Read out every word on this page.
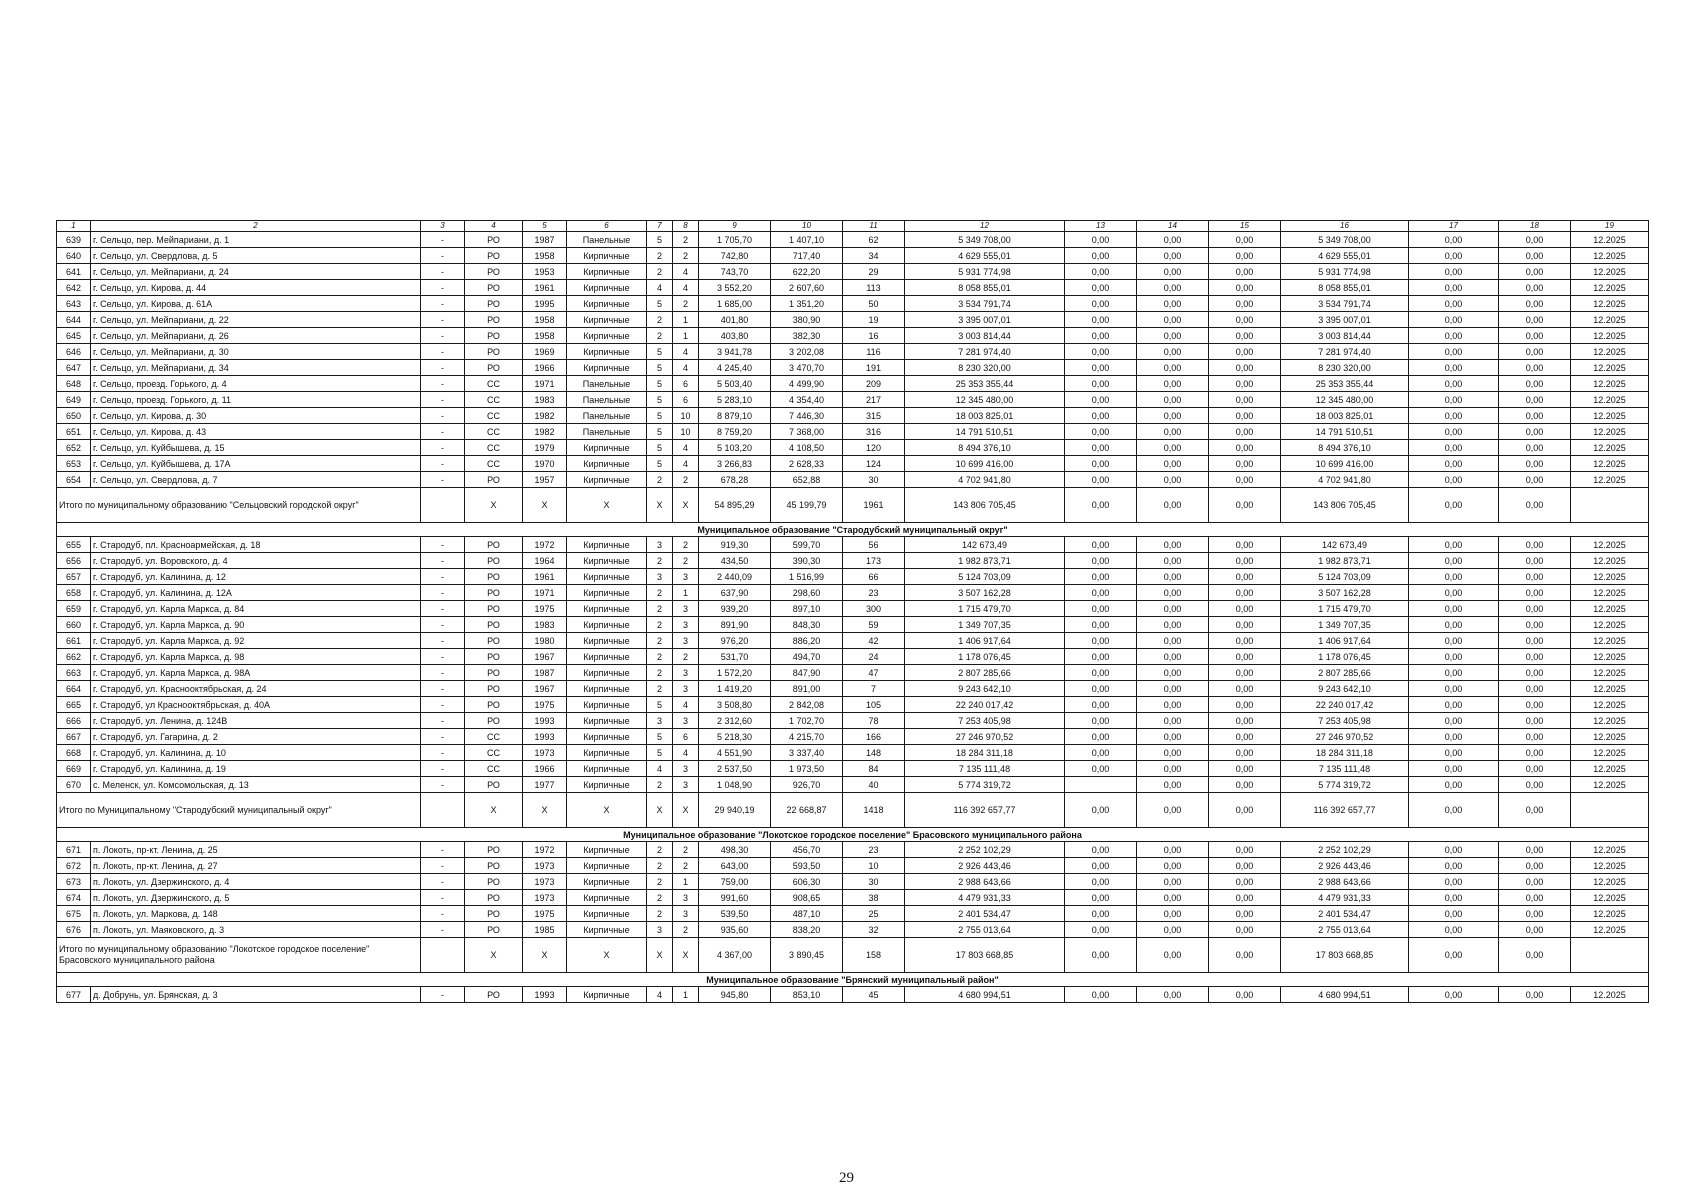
1	2	3	4	5	6	7	8	9	10	11	12	13	14	15	16	17	18	19
639	г. Сельцо, пер. Мейпариани, д. 1	-	РО	1987	Панельные	5	2	1 705,70	1 407,10	62	5 349 708,00	0,00	0,00	0,00	5 349 708,00	0,00	0,00	12.2025
640	г. Сельцо, ул. Свердлова, д. 5	-	РО	1958	Кирпичные	2	2	742,80	717,40	34	4 629 555,01	0,00	0,00	0,00	4 629 555,01	0,00	0,00	12.2025
641	г. Сельцо, ул. Мейпариани, д. 24	-	РО	1953	Кирпичные	2	4	743,70	622,20	29	5 931 774,98	0,00	0,00	0,00	5 931 774,98	0,00	0,00	12.2025
642	г. Сельцо, ул. Кирова, д. 44	-	РО	1961	Кирпичные	4	4	3 552,20	2 607,60	113	8 058 855,01	0,00	0,00	0,00	8 058 855,01	0,00	0,00	12.2025
643	г. Сельцо, ул. Кирова, д. 61А	-	РО	1995	Кирпичные	5	2	1 685,00	1 351,20	50	3 534 791,74	0,00	0,00	0,00	3 534 791,74	0,00	0,00	12.2025
644	г. Сельцо, ул. Мейпариани, д. 22	-	РО	1958	Кирпичные	2	1	401,80	380,90	19	3 395 007,01	0,00	0,00	0,00	3 395 007,01	0,00	0,00	12.2025
645	г. Сельцо, ул. Мейпариани, д. 26	-	РО	1958	Кирпичные	2	1	403,80	382,30	16	3 003 814,44	0,00	0,00	0,00	3 003 814,44	0,00	0,00	12.2025
646	г. Сельцо, ул. Мейпариани, д. 30	-	РО	1969	Кирпичные	5	4	3 941,78	3 202,08	116	7 281 974,40	0,00	0,00	0,00	7 281 974,40	0,00	0,00	12.2025
647	г. Сельцо, ул. Мейпариани, д. 34	-	РО	1966	Кирпичные	5	4	4 245,40	3 470,70	191	8 230 320,00	0,00	0,00	0,00	8 230 320,00	0,00	0,00	12.2025
648	г. Сельцо, проезд. Горького, д. 4	-	СС	1971	Панельные	5	6	5 503,40	4 499,90	209	25 353 355,44	0,00	0,00	0,00	25 353 355,44	0,00	0,00	12.2025
649	г. Сельцо, проезд. Горького, д. 11	-	СС	1983	Панельные	5	6	5 283,10	4 354,40	217	12 345 480,00	0,00	0,00	0,00	12 345 480,00	0,00	0,00	12.2025
650	г. Сельцо, ул. Кирова, д. 30	-	СС	1982	Панельные	5	10	8 879,10	7 446,30	315	18 003 825,01	0,00	0,00	0,00	18 003 825,01	0,00	0,00	12.2025
651	г. Сельцо, ул. Кирова, д. 43	-	СС	1982	Панельные	5	10	8 759,20	7 368,00	316	14 791 510,51	0,00	0,00	0,00	14 791 510,51	0,00	0,00	12.2025
652	г. Сельцо, ул. Куйбышева, д. 15	-	СС	1979	Кирпичные	5	4	5 103,20	4 108,50	120	8 494 376,10	0,00	0,00	0,00	8 494 376,10	0,00	0,00	12.2025
653	г. Сельцо, ул. Куйбышева, д. 17А	-	СС	1970	Кирпичные	5	4	3 266,83	2 628,33	124	10 699 416,00	0,00	0,00	0,00	10 699 416,00	0,00	0,00	12.2025
654	г. Сельцо, ул. Свердлова, д. 7	-	РО	1957	Кирпичные	2	2	678,28	652,88	30	4 702 941,80	0,00	0,00	0,00	4 702 941,80	0,00	0,00	12.2025
Итого по муниципальному образованию "Сельцовский городской округ"			X	X	X	X	X	54 895,29	45 199,79	1961	143 806 705,45	0,00	0,00	0,00	143 806 705,45	0,00	0,00	
Муниципальное образование "Стародубский муниципальный округ"																		
655	г. Стародуб, пл. Красноармейская, д. 18	-	РО	1972	Кирпичные	3	2	919,30	599,70	56	142 673,49	0,00	0,00	0,00	142 673,49	0,00	0,00	12.2025
656	г. Стародуб, ул. Воровского, д. 4	-	РО	1964	Кирпичные	2	2	434,50	390,30	173	1 982 873,71	0,00	0,00	0,00	1 982 873,71	0,00	0,00	12.2025
657	г. Стародуб, ул. Калинина, д. 12	-	РО	1961	Кирпичные	3	3	2 440,09	1 516,99	66	5 124 703,09	0,00	0,00	0,00	5 124 703,09	0,00	0,00	12.2025
658	г. Стародуб, ул. Калинина, д. 12А	-	РО	1971	Кирпичные	2	1	637,90	298,60	23	3 507 162,28	0,00	0,00	0,00	3 507 162,28	0,00	0,00	12.2025
659	г. Стародуб, ул. Карла Маркса, д. 84	-	РО	1975	Кирпичные	2	3	939,20	897,10	300	1 715 479,70	0,00	0,00	0,00	1 715 479,70	0,00	0,00	12.2025
660	г. Стародуб, ул. Карла Маркса, д. 90	-	РО	1983	Кирпичные	2	3	891,90	848,30	59	1 349 707,35	0,00	0,00	0,00	1 349 707,35	0,00	0,00	12.2025
661	г. Стародуб, ул. Карла Маркса, д. 92	-	РО	1980	Кирпичные	2	3	976,20	886,20	42	1 406 917,64	0,00	0,00	0,00	1 406 917,64	0,00	0,00	12.2025
662	г. Стародуб, ул. Карла Маркса, д. 98	-	РО	1967	Кирпичные	2	2	531,70	494,70	24	1 178 076,45	0,00	0,00	0,00	1 178 076,45	0,00	0,00	12.2025
663	г. Стародуб, ул. Карла Маркса, д. 98А	-	РО	1987	Кирпичные	2	3	1 572,20	847,90	47	2 807 285,66	0,00	0,00	0,00	2 807 285,66	0,00	0,00	12.2025
664	г. Стародуб, ул. Краснооктябрьская, д. 24	-	РО	1967	Кирпичные	2	3	1 419,20	891,00	7	9 243 642,10	0,00	0,00	0,00	9 243 642,10	0,00	0,00	12.2025
665	г. Стародуб, ул Краснооктябрьская, д. 40А	-	РО	1975	Кирпичные	5	4	3 508,80	2 842,08	105	22 240 017,42	0,00	0,00	0,00	22 240 017,42	0,00	0,00	12.2025
666	г. Стародуб, ул. Ленина, д. 124В	-	РО	1993	Кирпичные	3	3	2 312,60	1 702,70	78	7 253 405,98	0,00	0,00	0,00	7 253 405,98	0,00	0,00	12.2025
667	г. Стародуб, ул. Гагарина, д. 2	-	СС	1993	Кирпичные	5	6	5 218,30	4 215,70	166	27 246 970,52	0,00	0,00	0,00	27 246 970,52	0,00	0,00	12.2025
668	г. Стародуб, ул. Калинина, д. 10	-	СС	1973	Кирпичные	5	4	4 551,90	3 337,40	148	18 284 311,18	0,00	0,00	0,00	18 284 311,18	0,00	0,00	12.2025
669	г. Стародуб, ул. Калинина, д. 19	-	СС	1966	Кирпичные	4	3	2 537,50	1 973,50	84	7 135 111,48	0,00	0,00	0,00	7 135 111,48	0,00	0,00	12.2025
670	с. Меленск, ул. Комсомольская, д. 13	-	РО	1977	Кирпичные	2	3	1 048,90	926,70	40	5 774 319,72		0,00	0,00	5 774 319,72	0,00	0,00	12.2025
Итого по Муниципальному "Стародубский муниципальный округ"			X	X	X	X	X	29 940,19	22 668,87	1418	116 392 657,77	0,00	0,00	0,00	116 392 657,77	0,00	0,00	
Муниципальное образование "Локотское городское поселение" Брасовского муниципального района																		
671	п. Локоть, пр-кт. Ленина, д. 25	-	РО	1972	Кирпичные	2	2	498,30	456,70	23	2 252 102,29	0,00	0,00	0,00	2 252 102,29	0,00	0,00	12.2025
672	п. Локоть, пр-кт. Ленина, д. 27	-	РО	1973	Кирпичные	2	2	643,00	593,50	10	2 926 443,46	0,00	0,00	0,00	2 926 443,46	0,00	0,00	12.2025
673	п. Локоть, ул. Дзержинского, д. 4	-	РО	1973	Кирпичные	2	1	759,00	606,30	30	2 988 643,66	0,00	0,00	0,00	2 988 643,66	0,00	0,00	12.2025
674	п. Локоть, ул. Дзержинского, д. 5	-	РО	1973	Кирпичные	2	3	991,60	908,65	38	4 479 931,33	0,00	0,00	0,00	4 479 931,33	0,00	0,00	12.2025
675	п. Локоть, ул. Маркова, д. 148	-	РО	1975	Кирпичные	2	3	539,50	487,10	25	2 401 534,47	0,00	0,00	0,00	2 401 534,47	0,00	0,00	12.2025
676	п. Локоть, ул. Маяковского, д. 3	-	РО	1985	Кирпичные	3	2	935,60	838,20	32	2 755 013,64	0,00	0,00	0,00	2 755 013,64	0,00	0,00	12.2025
Итого по муниципальному образованию "Локотское городское поселение" Брасовского муниципального района			X	X	X	X	X	4 367,00	3 890,45	158	17 803 668,85	0,00	0,00	0,00	17 803 668,85	0,00	0,00	
Муниципальное образование "Брянский муниципальный район"																		
677	д. Добрунь, ул. Брянская, д. 3	-	РО	1993	Кирпичные	4	1	945,80	853,10	45	4 680 994,51	0,00	0,00	0,00	4 680 994,51	0,00	0,00	12.2025
29
